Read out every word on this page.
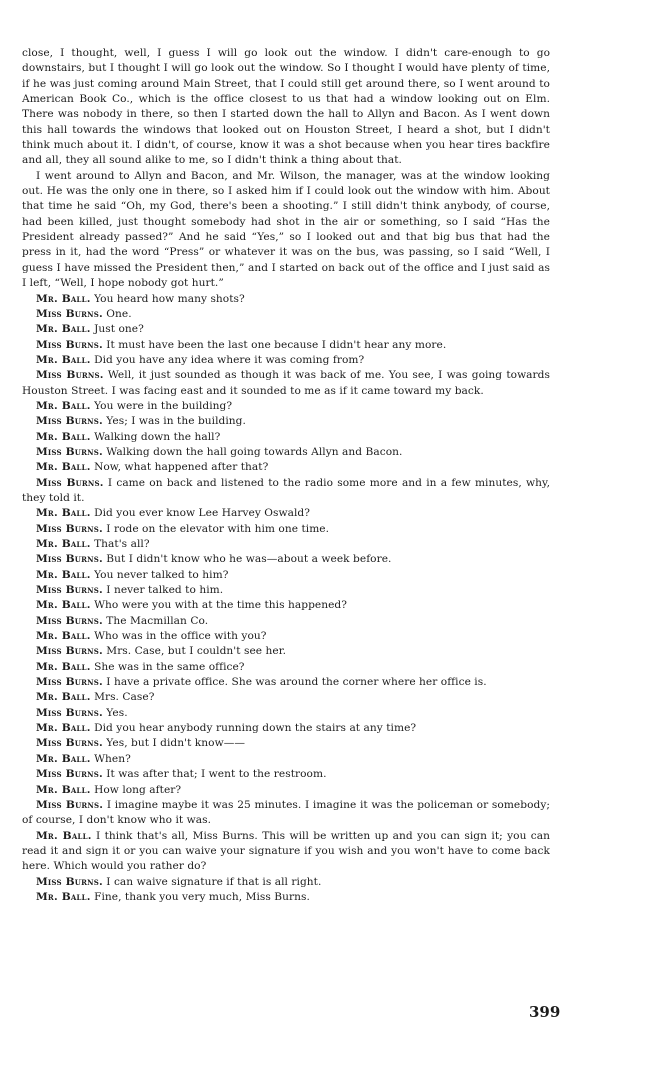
close, I thought, well, I guess I will go look out the window. I didn't care-enough to go downstairs, but I thought I will go look out the window. So I thought I would have plenty of time, if he was just coming around Main Street, that I could still get around there, so I went around to American Book Co., which is the office closest to us that had a window looking out on Elm. There was nobody in there, so then I started down the hall to Allyn and Bacon. As I went down this hall towards the windows that looked out on Houston Street, I heard a shot, but I didn't think much about it. I didn't, of course, know it was a shot because when you hear tires backfire and all, they all sound alike to me, so I didn't think a thing about that.

I went around to Allyn and Bacon, and Mr. Wilson, the manager, was at the window looking out. He was the only one in there, so I asked him if I could look out the window with him. About that time he said “Oh, my God, there's been a shooting.” I still didn't think anybody, of course, had been killed, just thought somebody had shot in the air or something, so I said “Has the President already passed?” And he said “Yes,” so I looked out and that big bus that had the press in it, had the word “Press” or whatever it was on the bus, was passing, so I said “Well, I guess I have missed the President then,” and I started on back out of the office and I just said as I left, “Well, I hope nobody got hurt.”

Mr. Ball. You heard how many shots?

Miss Burns. One.

Mr. Ball. Just one?

Miss Burns. It must have been the last one because I didn't hear any more.

Mr. Ball. Did you have any idea where it was coming from?

Miss Burns. Well, it just sounded as though it was back of me. You see, I was going towards Houston Street. I was facing east and it sounded to me as if it came toward my back.

Mr. Ball. You were in the building?

Miss Burns. Yes; I was in the building.

Mr. Ball. Walking down the hall?

Miss Burns. Walking down the hall going towards Allyn and Bacon.

Mr. Ball. Now, what happened after that?

Miss Burns. I came on back and listened to the radio some more and in a few minutes, why, they told it.

Mr. Ball. Did you ever know Lee Harvey Oswald?

Miss Burns. I rode on the elevator with him one time.

Mr. Ball. That's all?

Miss Burns. But I didn't know who he was—about a week before.

Mr. Ball. You never talked to him?

Miss Burns. I never talked to him.

Mr. Ball. Who were you with at the time this happened?

Miss Burns. The Macmillan Co.

Mr. Ball. Who was in the office with you?

Miss Burns. Mrs. Case, but I couldn't see her.

Mr. Ball. She was in the same office?

Miss Burns. I have a private office. She was around the corner where her office is.

Mr. Ball. Mrs. Case?

Miss Burns. Yes.

Mr. Ball. Did you hear anybody running down the stairs at any time?

Miss Burns. Yes, but I didn't know——

Mr. Ball. When?

Miss Burns. It was after that; I went to the restroom.

Mr. Ball. How long after?

Miss Burns. I imagine maybe it was 25 minutes. I imagine it was the policeman or somebody; of course, I don't know who it was.

Mr. Ball. I think that's all, Miss Burns. This will be written up and you can sign it; you can read it and sign it or you can waive your signature if you wish and you won't have to come back here. Which would you rather do?

Miss Burns. I can waive signature if that is all right.

Mr. Ball. Fine, thank you very much, Miss Burns.

399
